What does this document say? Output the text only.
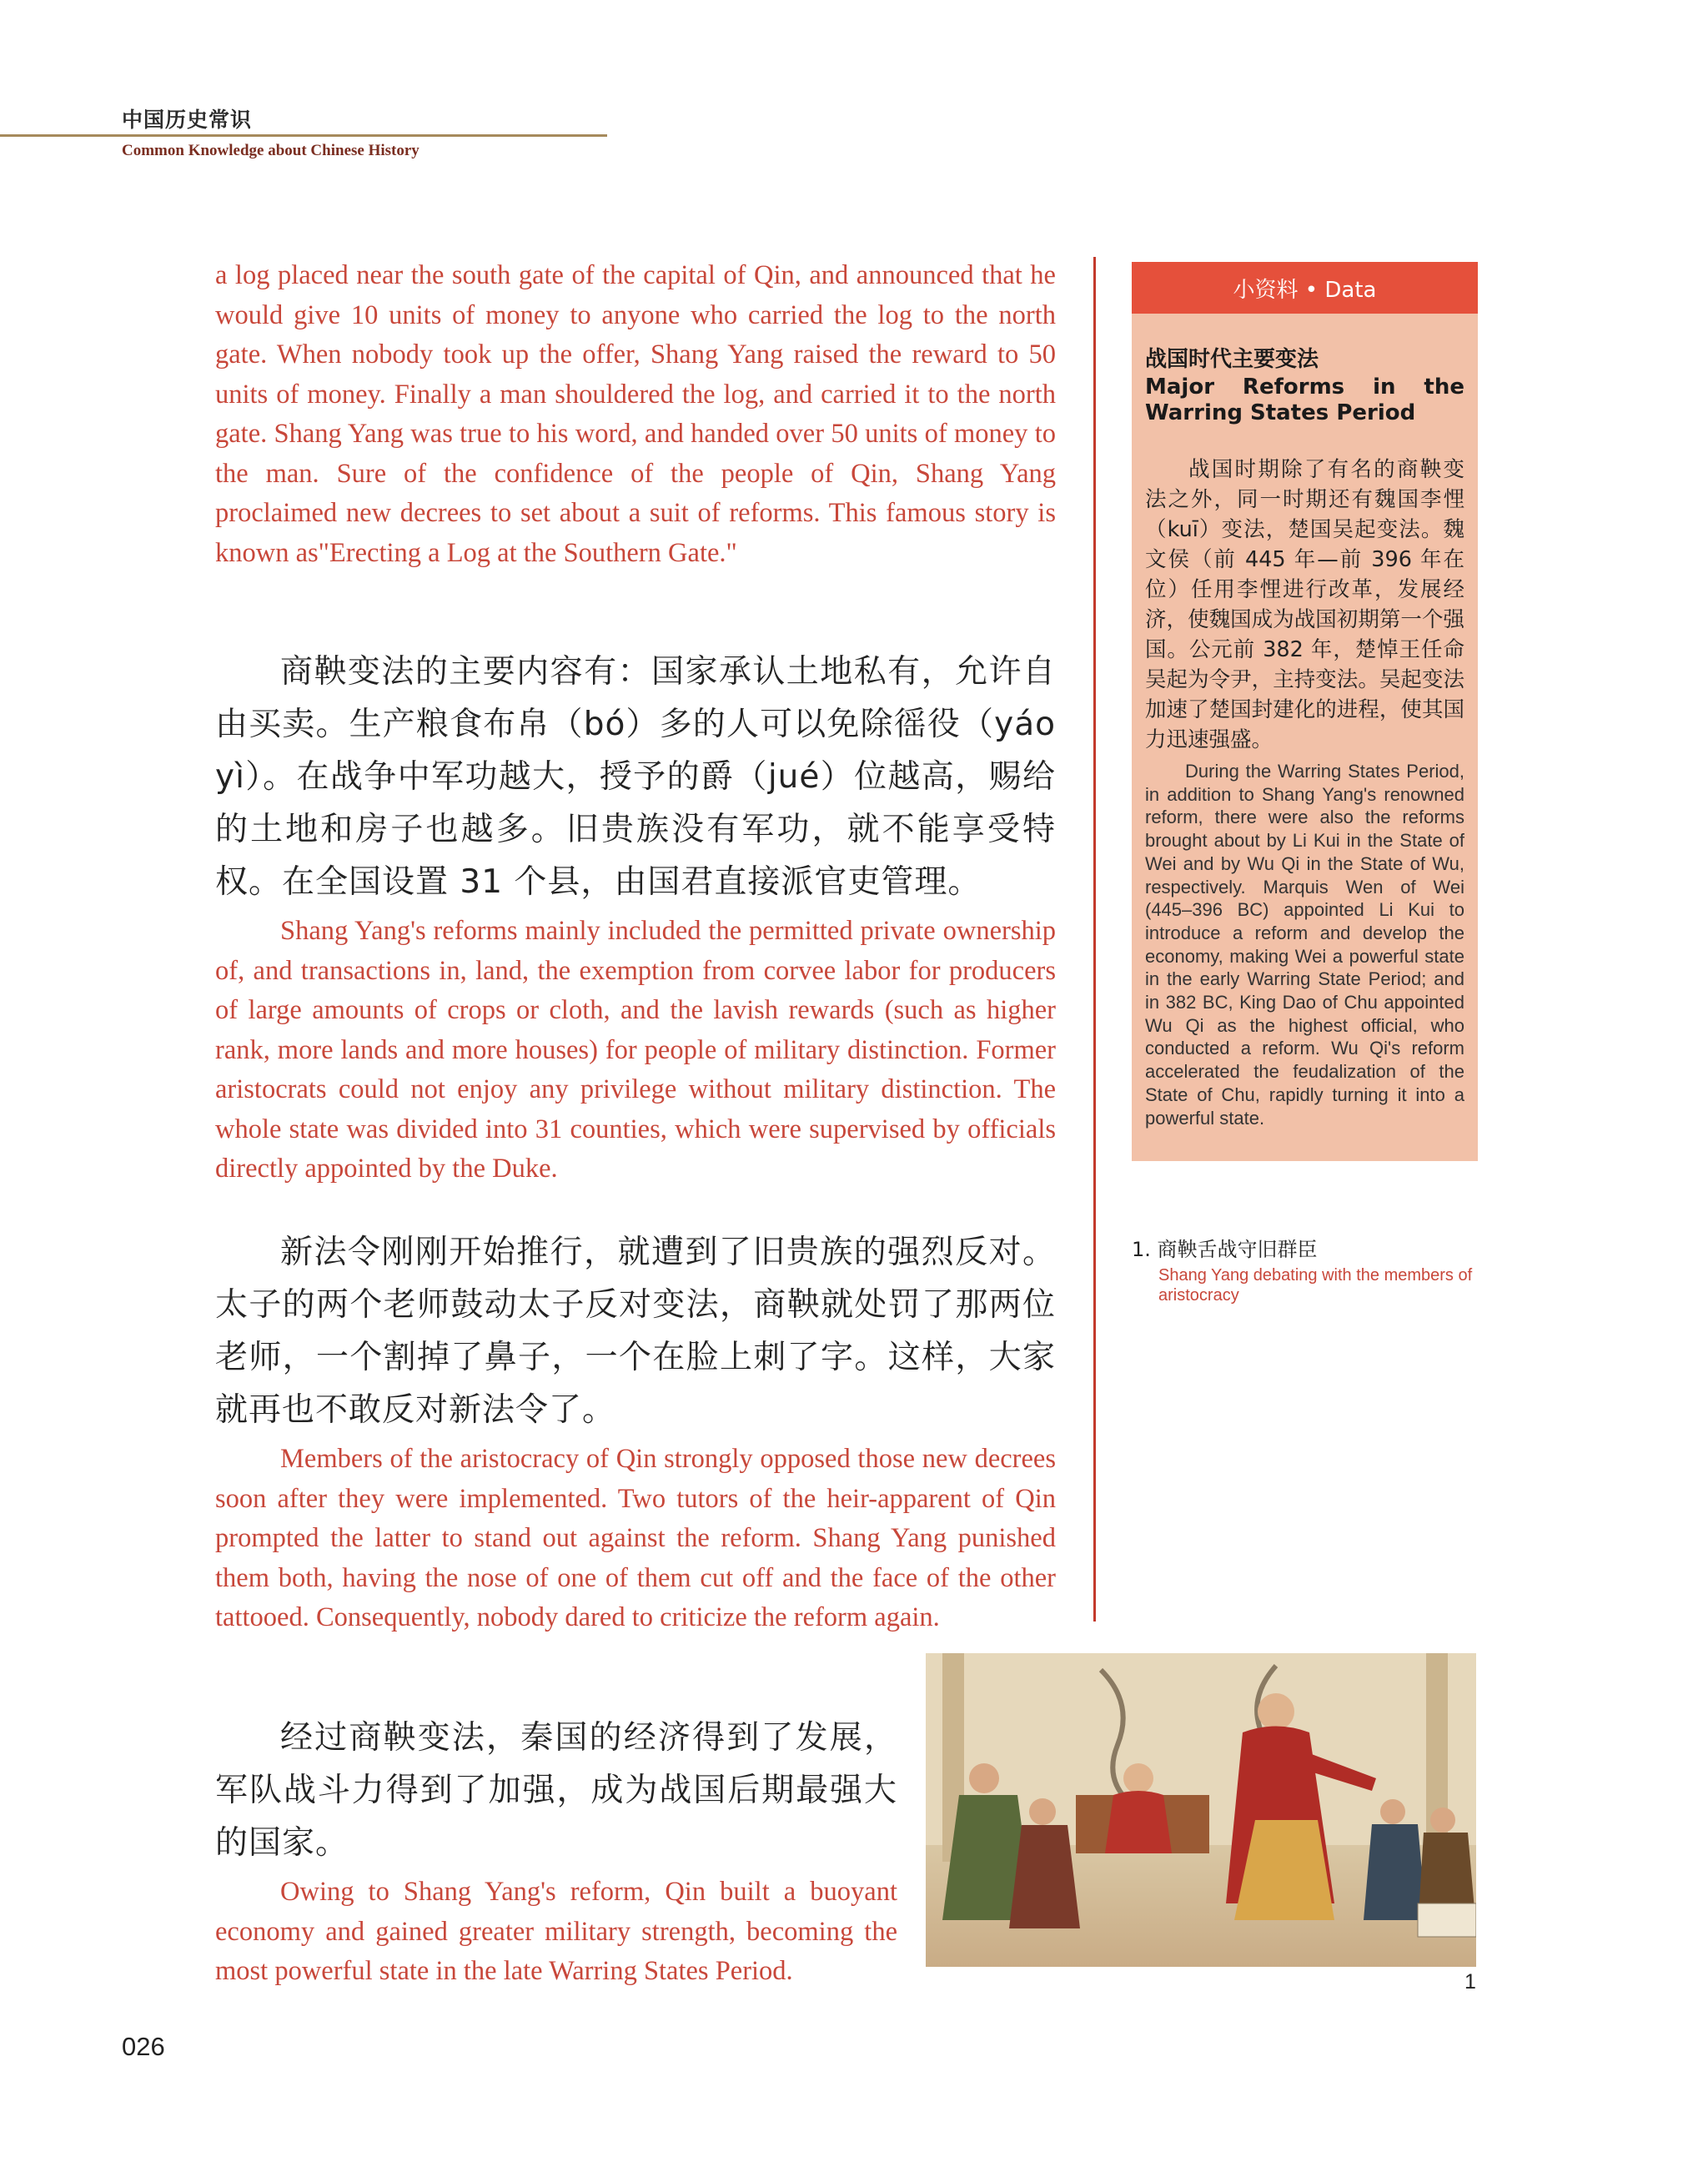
中国历史常识
Common Knowledge about Chinese History

a log placed near the south gate of the capital of Qin, and announced that he would give 10 units of money to anyone who carried the log to the north gate. When nobody took up the offer, Shang Yang raised the reward to 50 units of money. Finally a man shouldered the log, and carried it to the north gate. Shang Yang was true to his word, and handed over 50 units of money to the man. Sure of the confidence of the people of Qin, Shang Yang proclaimed new decrees to set about a suit of reforms. This famous story is known as"Erecting a Log at the Southern Gate."

商鞅变法的主要内容有：国家承认土地私有，允许自由买卖。生产粮食布帛（bó）多的人可以免除徭役（yáo yì）。在战争中军功越大，授予的爵（jué）位越高，赐给的土地和房子也越多。旧贵族没有军功，就不能享受特权。在全国设置 31 个县，由国君直接派官吏管理。

Shang Yang's reforms mainly included the permitted private ownership of, and transactions in, land, the exemption from corvee labor for producers of large amounts of crops or cloth, and the lavish rewards (such as higher rank, more lands and more houses) for people of military distinction. Former aristocrats could not enjoy any privilege without military distinction. The whole state was divided into 31 counties, which were supervised by officials directly appointed by the Duke.

新法令刚刚开始推行，就遭到了旧贵族的强烈反对。太子的两个老师鼓动太子反对变法，商鞅就处罚了那两位老师，一个割掉了鼻子，一个在脸上刺了字。这样，大家就再也不敢反对新法令了。

Members of the aristocracy of Qin strongly opposed those new decrees soon after they were implemented. Two tutors of the heir-apparent of Qin prompted the latter to stand out against the reform. Shang Yang punished them both, having the nose of one of them cut off and the face of the other tattooed. Consequently, nobody dared to criticize the reform again.

经过商鞅变法，秦国的经济得到了发展，军队战斗力得到了加强，成为战国后期最强大的国家。

Owing to Shang Yang's reform, Qin built a buoyant economy and gained greater military strength, becoming the most powerful state in the late Warring States Period.

小资料 • Data
战国时代主要变法
Major Reforms in the
Warring States Period
战国时期除了有名的商鞅变法之外，同一时期还有魏国李悝（kuī）变法，楚国吴起变法。魏文侯（前 445 年—前 396 年在位）任用李悝进行改革，发展经济，使魏国成为战国初期第一个强国。公元前 382 年，楚悼王任命吴起为令尹，主持变法。吴起变法加速了楚国封建化的进程，使其国力迅速强盛。
During the Warring States Period, in addition to Shang Yang's renowned reform, there were also the reforms brought about by Li Kui in the State of Wei and by Wu Qi in the State of Wu, respectively. Marquis Wen of Wei (445–396 BC) appointed Li Kui to introduce a reform and develop the economy, making Wei a powerful state in the early Warring State Period; and in 382 BC, King Dao of Chu appointed Wu Qi as the highest official, who conducted a reform. Wu Qi's reform accelerated the feudalization of the State of Chu, rapidly turning it into a powerful state.

1. 商鞅舌战守旧群臣

Shang Yang debating with the members of aristocracy

1
026
